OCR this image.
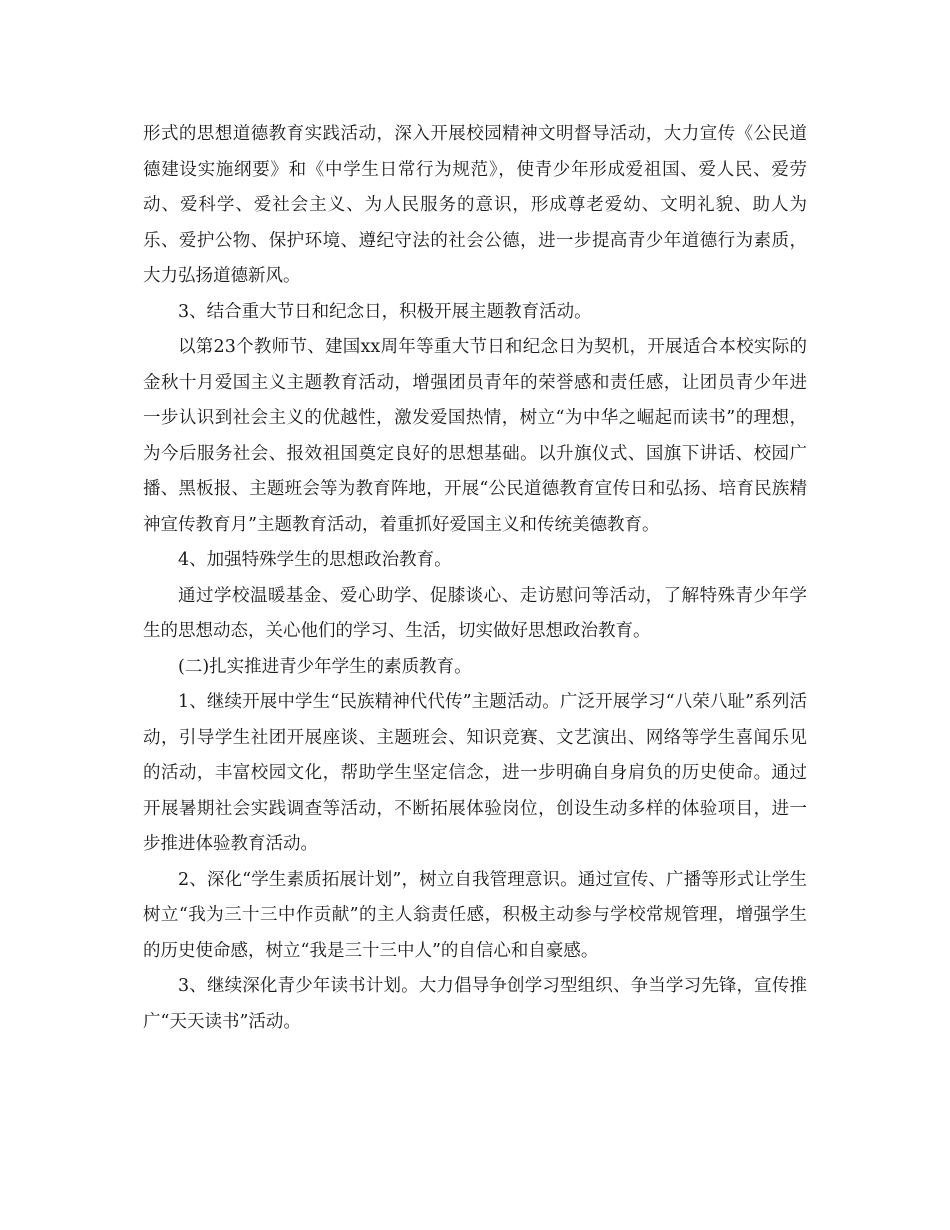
形式的思想道德教育实践活动，深入开展校园精神文明督导活动，大力宣传《公民道德建设实施纲要》和《中学生日常行为规范》，使青少年形成爱祖国、爱人民、爱劳动、爱科学、爱社会主义、为人民服务的意识，形成尊老爱幼、文明礼貌、助人为乐、爱护公物、保护环境、遵纪守法的社会公德，进一步提高青少年道德行为素质，大力弘扬道德新风。

3、结合重大节日和纪念日，积极开展主题教育活动。

以第23个教师节、建国xx周年等重大节日和纪念日为契机，开展适合本校实际的金秋十月爱国主义主题教育活动，增强团员青年的荣誉感和责任感，让团员青少年进一步认识到社会主义的优越性，激发爱国热情，树立“为中华之崛起而读书”的理想，为今后服务社会、报效祖国奠定良好的思想基础。以升旗仪式、国旗下讲话、校园广播、黑板报、主题班会等为教育阵地，开展“公民道德教育宣传日和弘扬、培育民族精神宣传教育月”主题教育活动，着重抓好爱国主义和传统美德教育。

4、加强特殊学生的思想政治教育。

通过学校温暖基金、爱心助学、促膝谈心、走访慰问等活动，了解特殊青少年学生的思想动态，关心他们的学习、生活，切实做好思想政治教育。

(二)扎实推进青少年学生的素质教育。

1、继续开展中学生“民族精神代代传”主题活动。广泛开展学习“八荣八耻”系列活动，引导学生社团开展座谈、主题班会、知识竞赛、文艺演出、网络等学生喜闻乐见的活动，丰富校园文化，帮助学生坚定信念，进一步明确自身肩负的历史使命。通过开展暑期社会实践调查等活动，不断拓展体验岗位，创设生动多样的体验项目，进一步推进体验教育活动。

2、深化“学生素质拓展计划”，树立自我管理意识。通过宣传、广播等形式让学生树立“我为三十三中作贡献”的主人翁责任感，积极主动参与学校常规管理，增强学生的历史使命感，树立“我是三十三中人”的自信心和自豪感。

3、继续深化青少年读书计划。大力倡导争创学习型组织、争当学习先锋，宣传推广“天天读书”活动。
